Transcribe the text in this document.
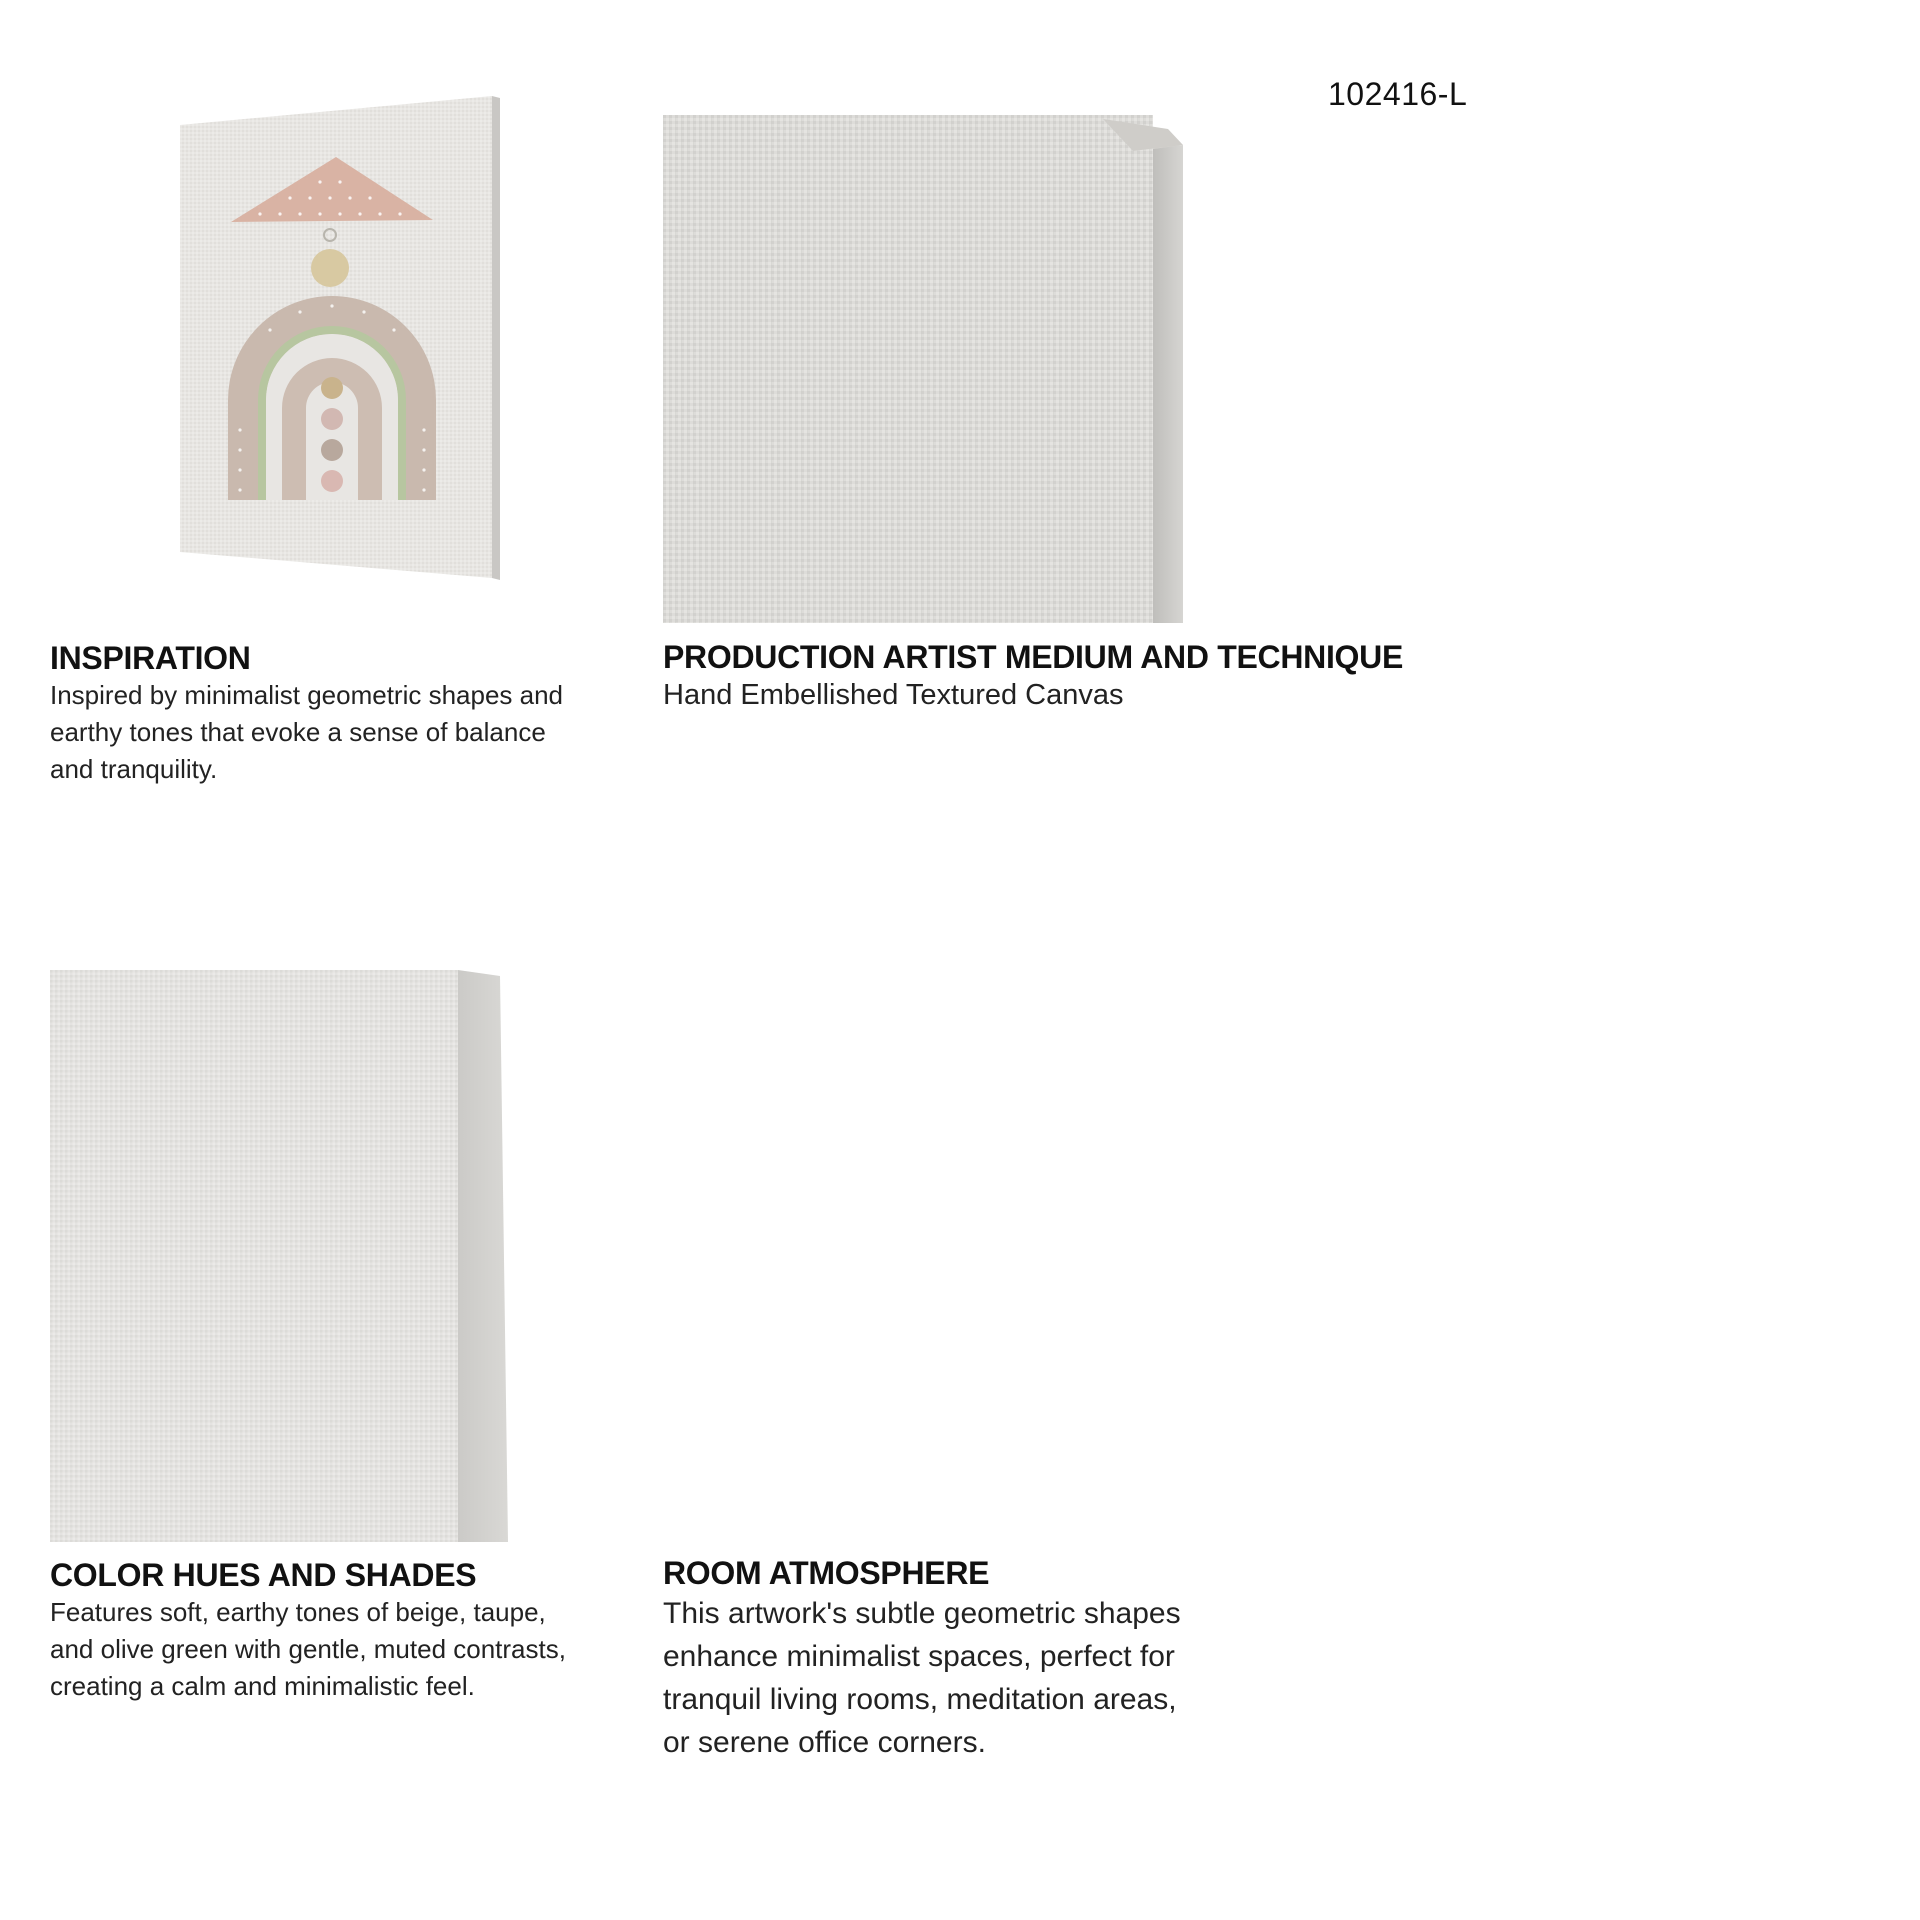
102416-L
INSPIRATION

Inspired by minimalist geometric shapes and

earthy tones that evoke a sense of balance

and tranquility.

PRODUCTION ARTIST MEDIUM AND TECHNIQUE

Hand Embellished Textured Canvas

COLOR HUES AND SHADES

Features soft, earthy tones of beige, taupe,

and olive green with gentle, muted contrasts,

creating a calm and minimalistic feel.

ROOM ATMOSPHERE

This artwork's subtle geometric shapes

enhance minimalist spaces, perfect for

tranquil living rooms, meditation areas,

or serene office corners.
